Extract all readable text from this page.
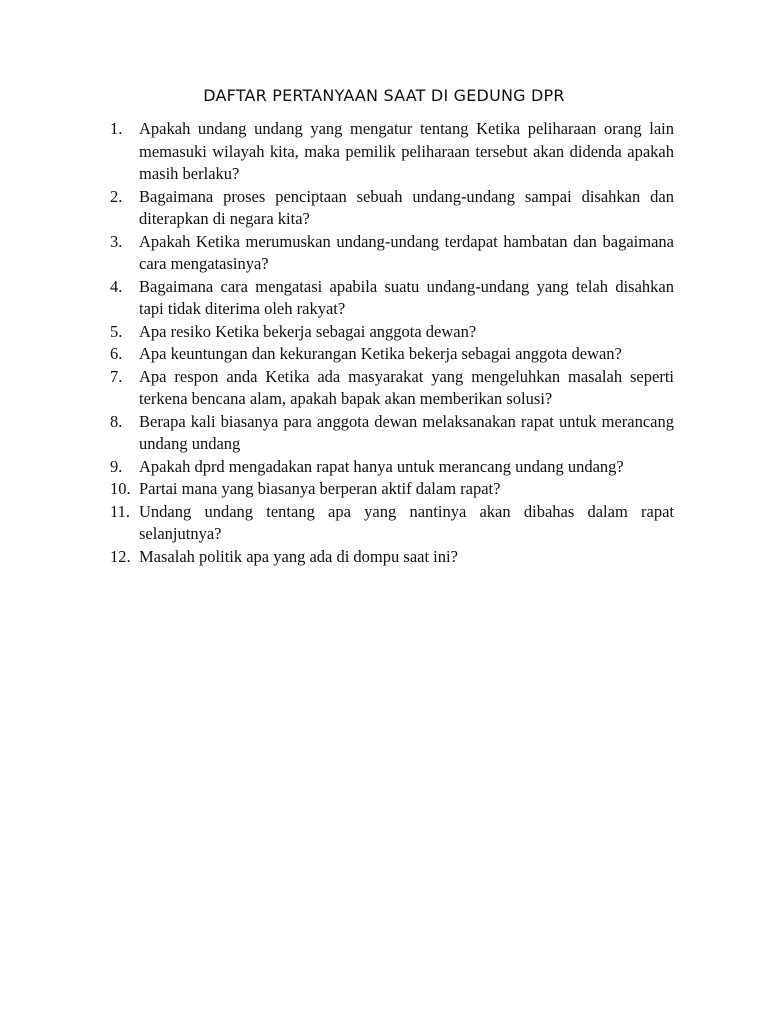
DAFTAR PERTANYAAN SAAT DI GEDUNG DPR
1.	Apakah undang undang yang mengatur tentang Ketika peliharaan orang lain memasuki wilayah kita, maka pemilik peliharaan tersebut akan didenda apakah masih berlaku?
2.	Bagaimana proses penciptaan sebuah undang-undang sampai disahkan dan diterapkan di negara kita?
3.	Apakah Ketika merumuskan undang-undang terdapat hambatan dan bagaimana cara mengatasinya?
4.	Bagaimana cara mengatasi apabila suatu undang-undang yang telah disahkan tapi tidak diterima oleh rakyat?
5.	Apa resiko Ketika bekerja sebagai anggota dewan?
6.	Apa keuntungan dan kekurangan Ketika bekerja sebagai anggota dewan?
7.	Apa respon anda Ketika ada masyarakat yang mengeluhkan masalah seperti terkena bencana alam, apakah bapak akan memberikan solusi?
8.	Berapa kali biasanya para anggota dewan melaksanakan rapat untuk merancang undang undang
9.	Apakah dprd mengadakan rapat hanya untuk merancang undang undang?
10. Partai mana yang biasanya berperan aktif dalam rapat?
11. Undang undang tentang apa yang nantinya akan dibahas dalam rapat selanjutnya?
12. Masalah politik apa yang ada di dompu saat ini?
